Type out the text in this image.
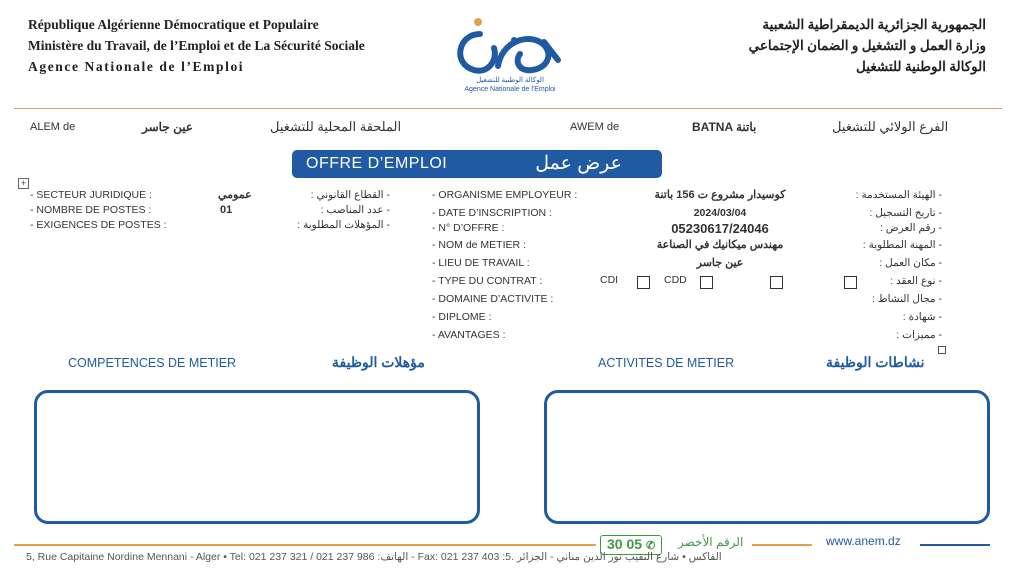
République Algérienne Démocratique et Populaire
Ministère du Travail, de l’Emploi et de La Sécurité Sociale
Agence Nationale de l’Emploi
الوكالة الوطنية للتشغيل
Agence Nationale de l'Emploi
الجمهورية الجزائرية الديمقراطية الشعبية
وزارة العمل و التشغيل و الضمان الإجتماعي
الوكالة الوطنية للتشغيل
ALEM de	عين جاسر	الملحقة المحلية للتشغيل	AWEM de	BATNA باتنة	الفرع الولائي للتشغيل
OFFRE D’EMPLOI	عرض عمل
+
- SECTEUR JURIDIQUE :	عمومي	- القطاع القانوني :
- NOMBRE DE POSTES :	01	- عدد المناصب :
- EXIGENCES DE POSTES :	- المؤهلات المطلوبة :
- ORGANISME EMPLOYEUR :	كوسيدار مشروع ت 156 باتنة	- الهيئة المستخدمة :
- DATE D’INSCRIPTION :	2024/03/04	- تاريخ التسجيل :
- N° D’OFFRE :	05230617/24046	- رقم العرض :
- NOM de METIER :	مهندس ميكانيك في الصناعة	- المهنة المطلوبة :
- LIEU DE TRAVAIL :	عين جاسر	- مكان العمل :
- TYPE DU CONTRAT :	CDI	CDD	- نوع العقد :
- DOMAINE D’ACTIVITE :	- مجال النشاط :
- DIPLOME :	- شهادة :
- AVANTAGES :	- مميزات :
COMPETENCES DE METIER	مؤهلات الوظيفة	ACTIVITES DE METIER	نشاطات الوظيفة
30 05 ✆	الرقم الأخضر	www.anem.dz
5, Rue Capitaine Nordine Mennani - Alger • Tel: 021 237 321 / 021 237 986 :الهاتف - Fax: 021 237 403 :الفاكس • شارع النقيب نور الدين مناني - الجزائر .5
